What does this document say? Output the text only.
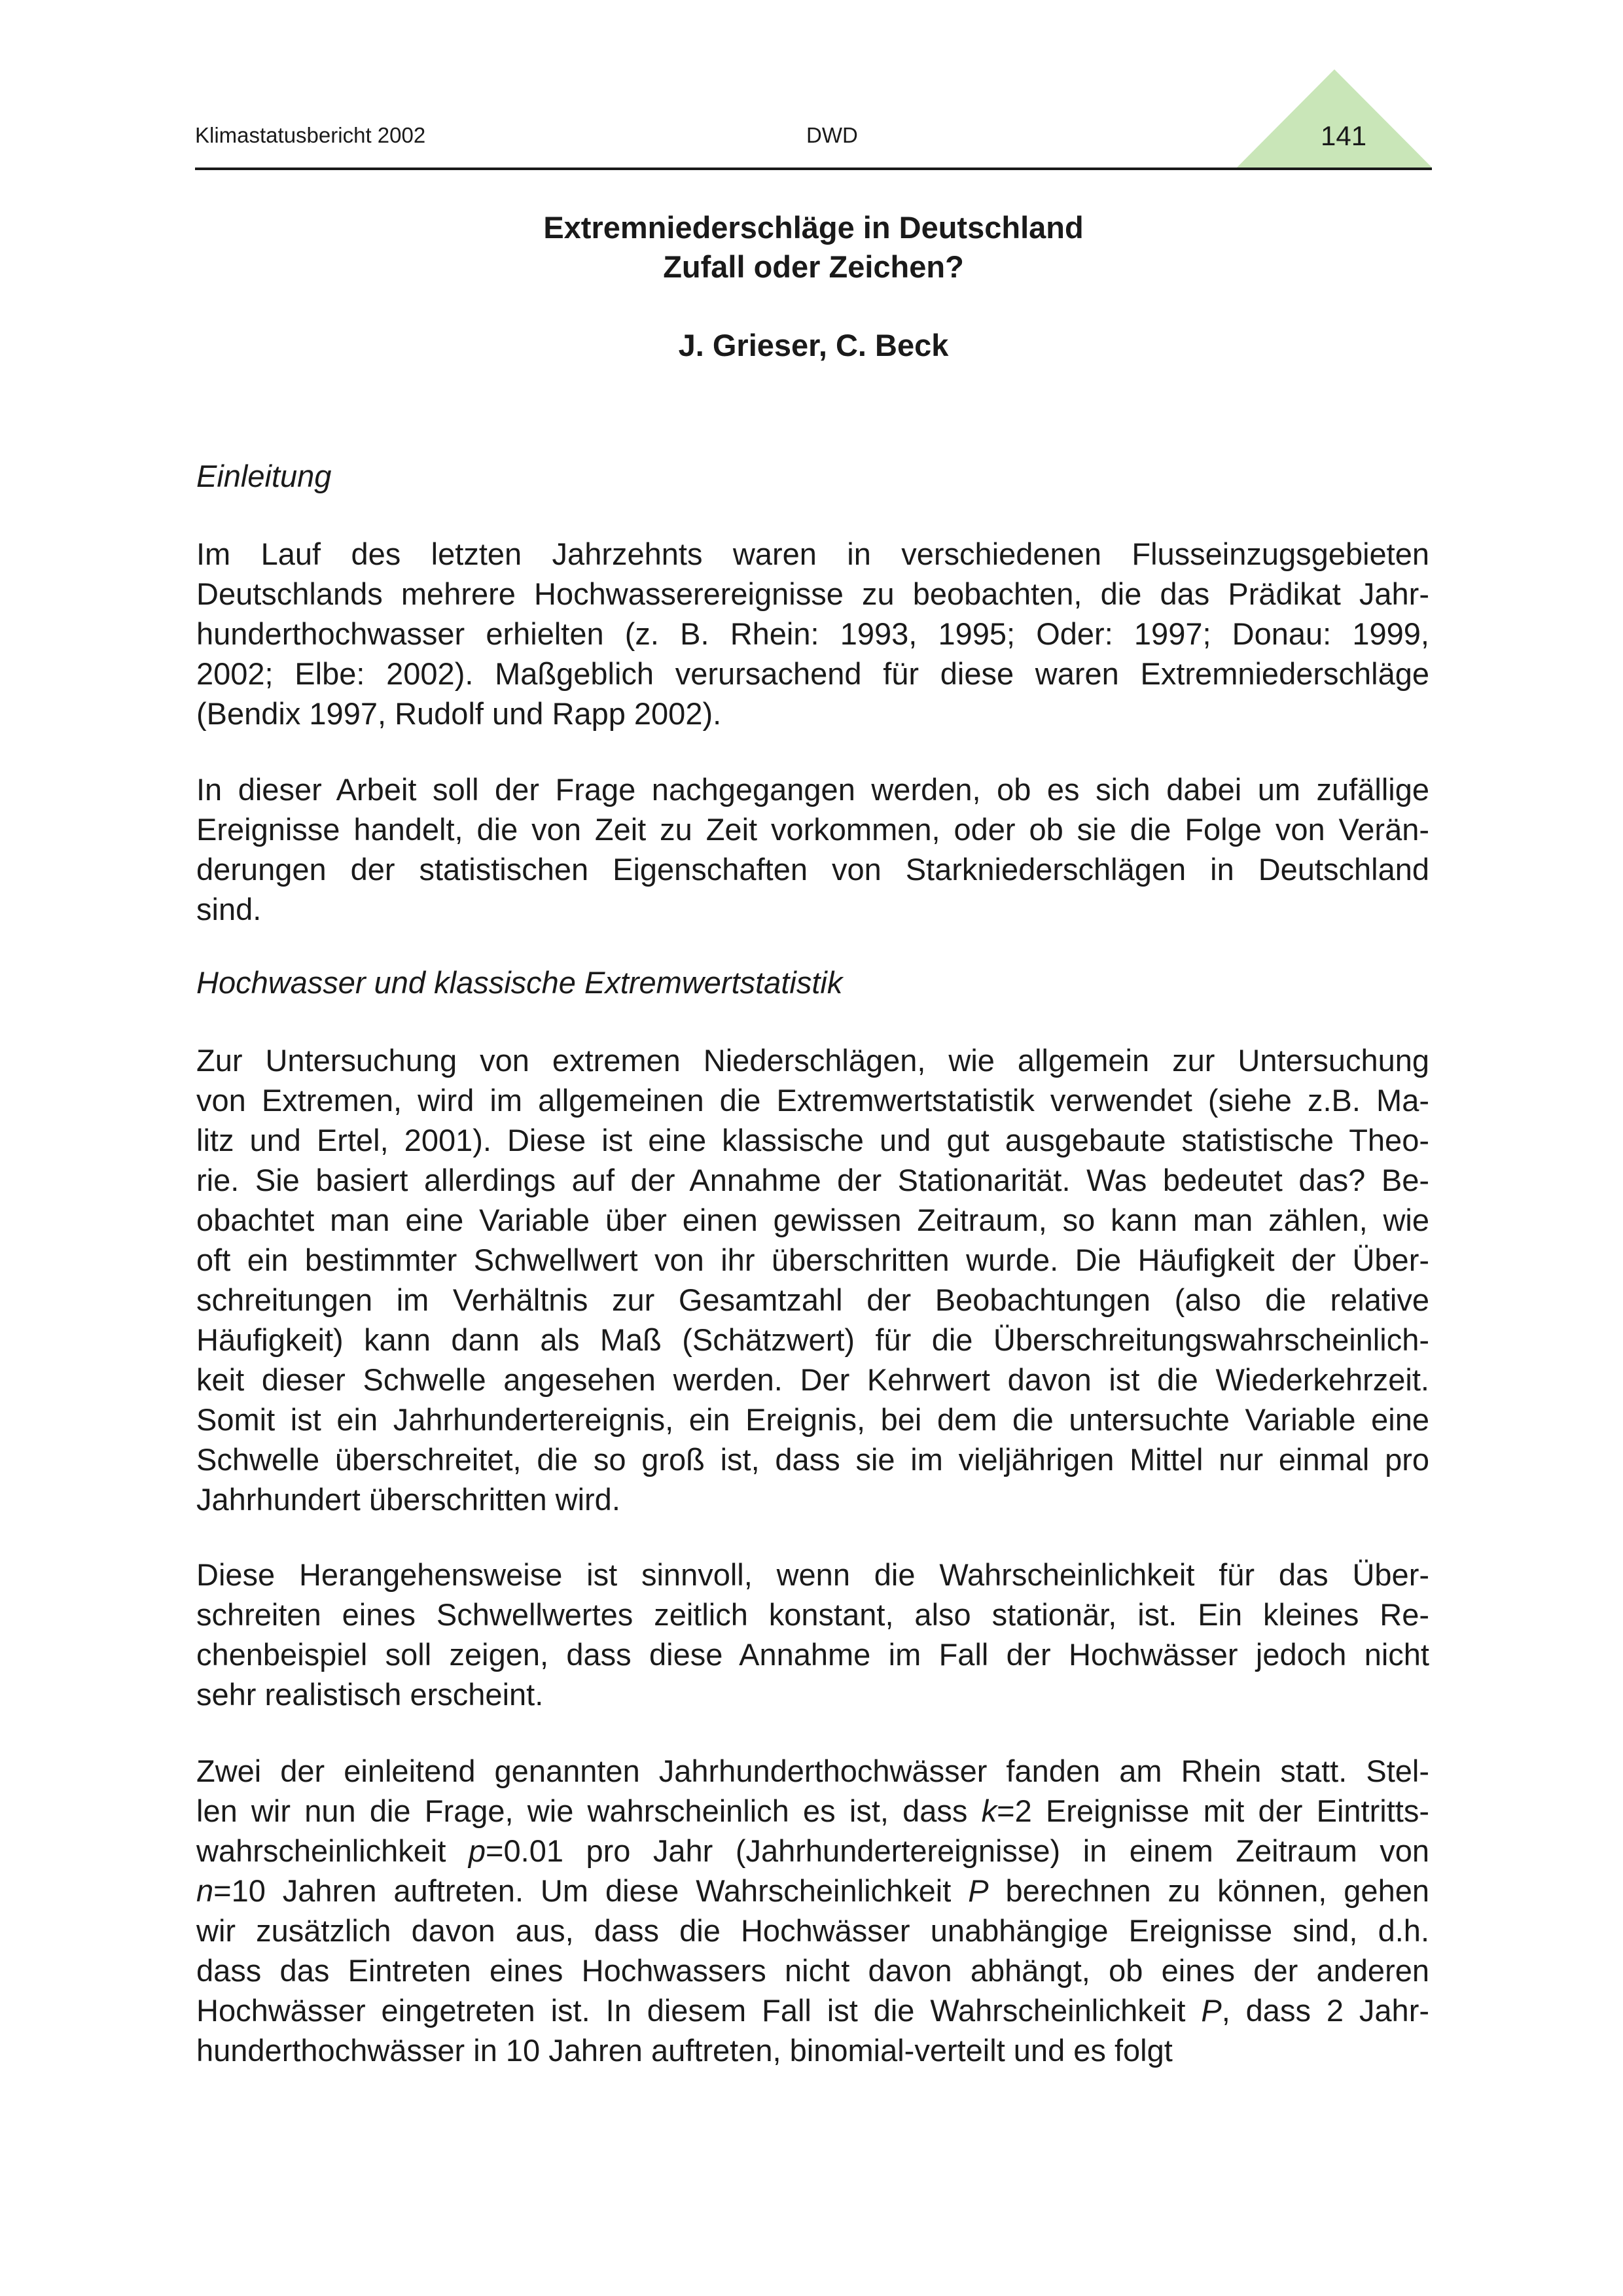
Klimastatusbericht 2002	DWD	141
Extremniederschläge in Deutschland
Zufall oder Zeichen?
J. Grieser, C. Beck
Einleitung
Im Lauf des letzten Jahrzehnts waren in verschiedenen Flusseinzugsgebieten
Deutschlands mehrere Hochwasserereignisse zu beobachten, die das Prädikat Jahr-
hunderthochwasser erhielten (z. B. Rhein: 1993, 1995; Oder: 1997; Donau: 1999,
2002; Elbe: 2002). Maßgeblich verursachend für diese waren Extremniederschläge
(Bendix 1997, Rudolf und Rapp 2002).
In dieser Arbeit soll der Frage nachgegangen werden, ob es sich dabei um zufällige
Ereignisse handelt, die von Zeit zu Zeit vorkommen, oder ob sie die Folge von Verän-
derungen der statistischen Eigenschaften von Starkniederschlägen in Deutschland
sind.
Hochwasser und klassische Extremwertstatistik
Zur Untersuchung von extremen Niederschlägen, wie allgemein zur Untersuchung
von Extremen, wird im allgemeinen die Extremwertstatistik verwendet (siehe z.B. Ma-
litz und Ertel, 2001). Diese ist eine klassische und gut ausgebaute statistische Theo-
rie. Sie basiert allerdings auf der Annahme der Stationarität. Was bedeutet das? Be-
obachtet man eine Variable über einen gewissen Zeitraum, so kann man zählen, wie
oft ein bestimmter Schwellwert von ihr überschritten wurde. Die Häufigkeit der Über-
schreitungen im Verhältnis zur Gesamtzahl der Beobachtungen (also die relative
Häufigkeit) kann dann als Maß (Schätzwert) für die Überschreitungswahrscheinlich-
keit dieser Schwelle angesehen werden. Der Kehrwert davon ist die Wiederkehrzeit.
Somit ist ein Jahrhundertereignis, ein Ereignis, bei dem die untersuchte Variable eine
Schwelle überschreitet, die so groß ist, dass sie im vieljährigen Mittel nur einmal pro
Jahrhundert überschritten wird.
Diese Herangehensweise ist sinnvoll, wenn die Wahrscheinlichkeit für das Über-
schreiten eines Schwellwertes zeitlich konstant, also stationär, ist. Ein kleines Re-
chenbeispiel soll zeigen, dass diese Annahme im Fall der Hochwässer jedoch nicht
sehr realistisch erscheint.
Zwei der einleitend genannten Jahrhunderthochwässer fanden am Rhein statt. Stel-
len wir nun die Frage, wie wahrscheinlich es ist, dass k=2 Ereignisse mit der Eintritts-
wahrscheinlichkeit p=0.01 pro Jahr (Jahrhundertereignisse) in einem Zeitraum von
n=10 Jahren auftreten. Um diese Wahrscheinlichkeit P berechnen zu können, gehen
wir zusätzlich davon aus, dass die Hochwässer unabhängige Ereignisse sind, d.h.
dass das Eintreten eines Hochwassers nicht davon abhängt, ob eines der anderen
Hochwässer eingetreten ist. In diesem Fall ist die Wahrscheinlichkeit P, dass 2 Jahr-
hunderthochwässer in 10 Jahren auftreten, binomial-verteilt und es folgt
